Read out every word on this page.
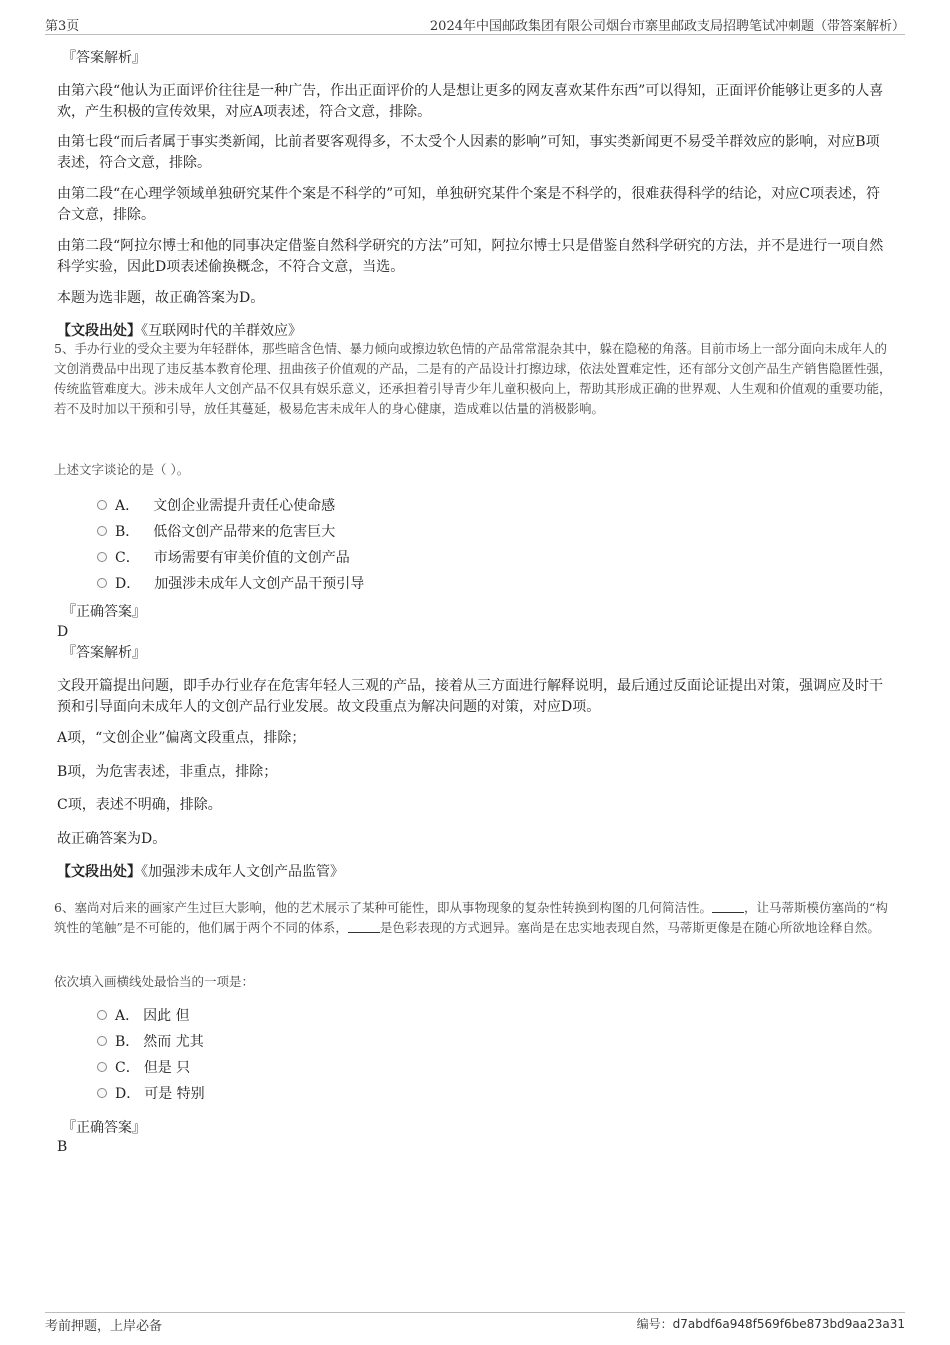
第3页	2024年中国邮政集团有限公司烟台市寨里邮政支局招聘笔试冲刺题（带答案解析）

『答案解析』

由第六段“他认为正面评价往往是一种广告，作出正面评价的人是想让更多的网友喜欢某件东西”可以得知，正面评价能够让更多的人喜欢，产生积极的宣传效果，对应A项表述，符合文意，排除。

由第七段“而后者属于事实类新闻，比前者要客观得多，不太受个人因素的影响”可知，事实类新闻更不易受羊群效应的影响，对应B项表述，符合文意，排除。

由第二段“在心理学领域单独研究某件个案是不科学的”可知，单独研究某件个案是不科学的，很难获得科学的结论，对应C项表述，符合文意，排除。

由第二段“阿拉尔博士和他的同事决定借鉴自然科学研究的方法”可知，阿拉尔博士只是借鉴自然科学研究的方法，并不是进行一项自然科学实验，因此D项表述偷换概念，不符合文意，当选。

本题为选非题，故正确答案为D。

【文段出处】《互联网时代的羊群效应》

5、手办行业的受众主要为年轻群体，那些暗含色情、暴力倾向或擦边软色情的产品常常混杂其中，躲在隐秘的角落。目前市场上一部分面向未成年人的文创消费品中出现了违反基本教育伦理、扭曲孩子价值观的产品，二是有的产品设计打擦边球，依法处置难定性，还有部分文创产品生产销售隐匿性强，传统监管难度大。涉未成年人文创产品不仅具有娱乐意义，还承担着引导青少年儿童积极向上，帮助其形成正确的世界观、人生观和价值观的重要功能，若不及时加以干预和引导，放任其蔓延，极易危害未成年人的身心健康，造成难以估量的消极影响。

上述文字谈论的是（ ）。

A． 文创企业需提升责任心使命感
B． 低俗文创产品带来的危害巨大
C． 市场需要有审美价值的文创产品
D． 加强涉未成年人文创产品干预引导

『正确答案』

D

『答案解析』

文段开篇提出问题，即手办行业存在危害年轻人三观的产品，接着从三方面进行解释说明，最后通过反面论证提出对策，强调应及时干预和引导面向未成年人的文创产品行业发展。故文段重点为解决问题的对策，对应D项。

A项，“文创企业”偏离文段重点，排除；

B项，为危害表述，非重点，排除；

C项，表述不明确，排除。

故正确答案为D。

【文段出处】《加强涉未成年人文创产品监管》

6、塞尚对后来的画家产生过巨大影响，他的艺术展示了某种可能性，即从事物现象的复杂性转换到构图的几何简洁性。	，让马蒂斯模仿塞尚的“构筑性的笔触”是不可能的，他们属于两个不同的体系，	是色彩表现的方式迥异。塞尚是在忠实地表现自然，马蒂斯更像是在随心所欲地诠释自然。

依次填入画横线处最恰当的一项是：

A． 因此 但
B． 然而 尤其
C． 但是 只
D． 可是 特别

『正确答案』

B

考前押题，上岸必备	编号：d7abdf6a948f569f6be873bd9aa23a31
